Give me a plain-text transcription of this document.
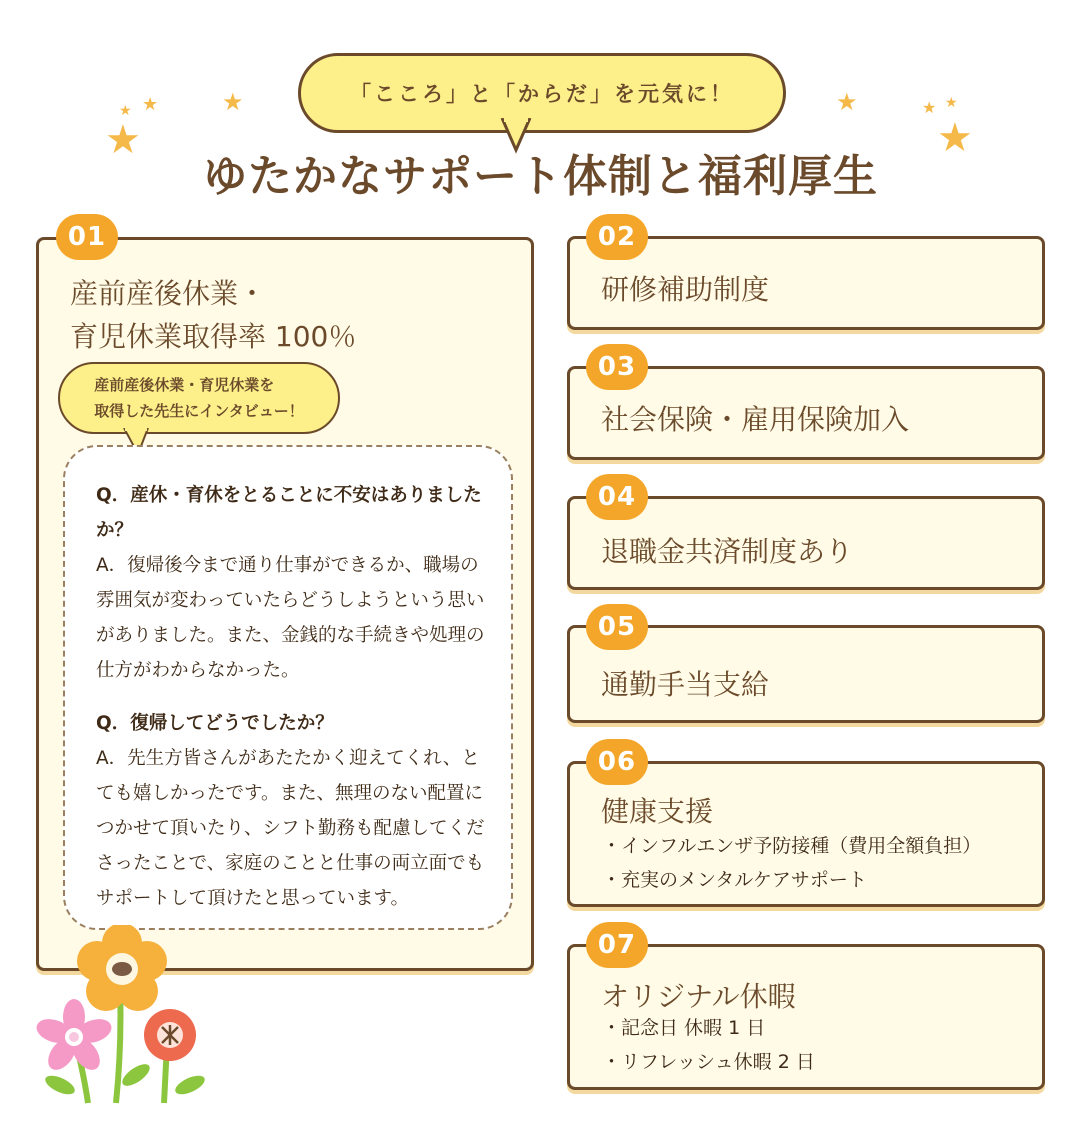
★ ★
★
★	★	★ ★
★
「こころ」と「からだ」を元気に！
ゆたかなサポート体制と福利厚生
01
産前産後休業・
育児休業取得率 100％
産前産後休業・育児休業を
取得した先生にインタビュー！
Q．産休・育休をとることに不安はありましたか？
A．復帰後今まで通り仕事ができるか、職場の雰囲気が変わっていたらどうしようという思いがありました。また、金銭的な手続きや処理の仕方がわからなかった。
Q．復帰してどうでしたか？
A．先生方皆さんがあたたかく迎えてくれ、とても嬉しかったです。また、無理のない配置につかせて頂いたり、シフト勤務も配慮してくださったことで、家庭のことと仕事の両立面でもサポートして頂けたと思っています。
02
研修補助制度
03
社会保険・雇用保険加入
04
退職金共済制度あり
05
通勤手当支給
06
健康支援
・インフルエンザ予防接種（費用全額負担）
・充実のメンタルケアサポート
07
オリジナル休暇
・記念日 休暇 1 日
・リフレッシュ休暇 2 日
